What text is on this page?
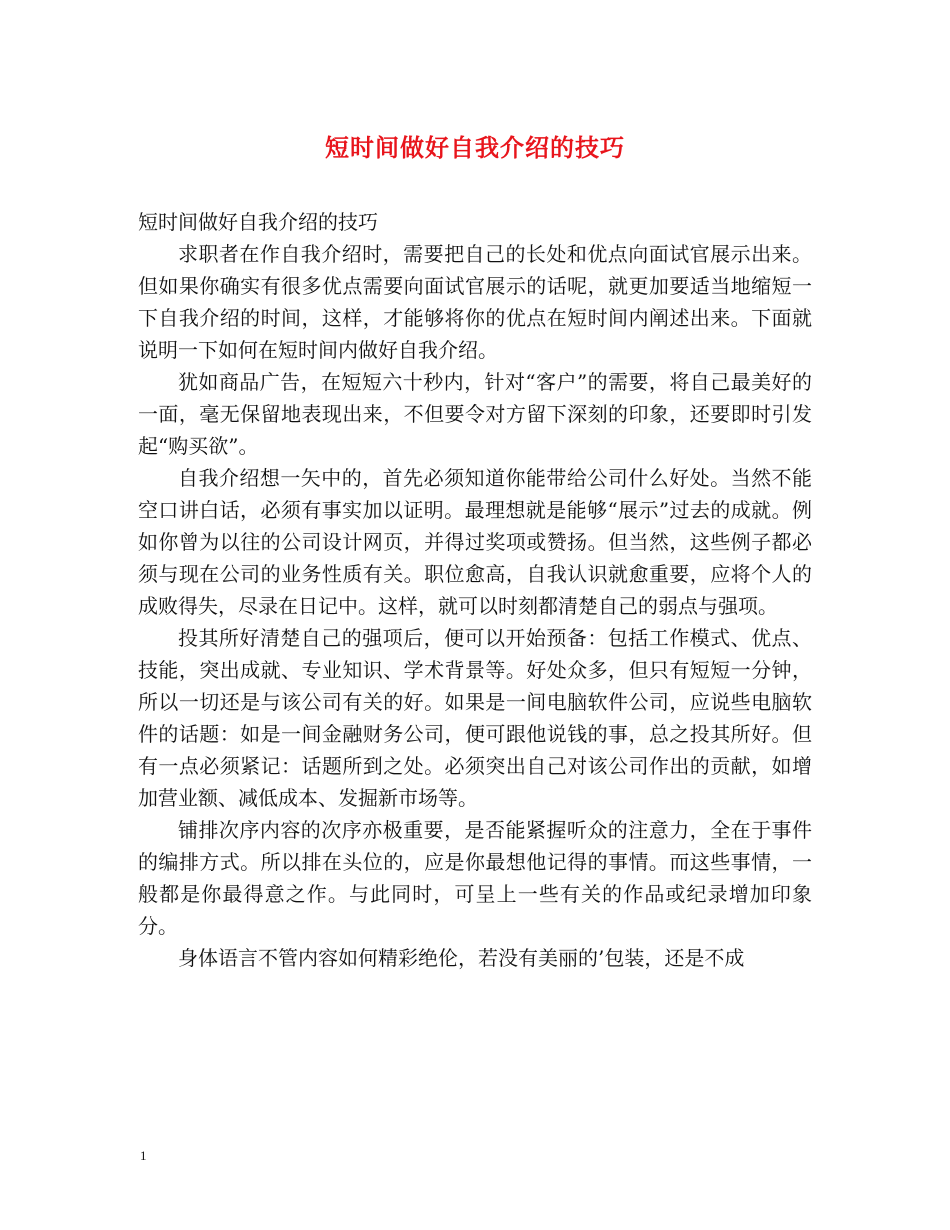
短时间做好自我介绍的技巧

短时间做好自我介绍的技巧

求职者在作自我介绍时，需要把自己的长处和优点向面试官展示出来。但如果你确实有很多优点需要向面试官展示的话呢，就更加要适当地缩短一下自我介绍的时间，这样，才能够将你的优点在短时间内阐述出来。下面就说明一下如何在短时间内做好自我介绍。

犹如商品广告，在短短六十秒内，针对“客户”的需要，将自己最美好的一面，毫无保留地表现出来，不但要令对方留下深刻的印象，还要即时引发起“购买欲”。

自我介绍想一矢中的，首先必须知道你能带给公司什么好处。当然不能空口讲白话，必须有事实加以证明。最理想就是能够“展示”过去的成就。例如你曾为以往的公司设计网页，并得过奖项或赞扬。但当然，这些例子都必须与现在公司的业务性质有关。职位愈高，自我认识就愈重要，应将个人的成败得失，尽录在日记中。这样，就可以时刻都清楚自己的弱点与强项。

投其所好清楚自己的强项后，便可以开始预备：包括工作模式、优点、技能，突出成就、专业知识、学术背景等。好处众多，但只有短短一分钟，所以一切还是与该公司有关的好。如果是一间电脑软件公司，应说些电脑软件的话题：如是一间金融财务公司，便可跟他说钱的事，总之投其所好。但有一点必须紧记：话题所到之处。必须突出自己对该公司作出的贡献，如增加营业额、减低成本、发掘新市场等。

铺排次序内容的次序亦极重要，是否能紧握听众的注意力，全在于事件的编排方式。所以排在头位的，应是你最想他记得的事情。而这些事情，一般都是你最得意之作。与此同时，可呈上一些有关的作品或纪录增加印象分。

身体语言不管内容如何精彩绝伦，若没有美丽的’包装，还是不成

1
